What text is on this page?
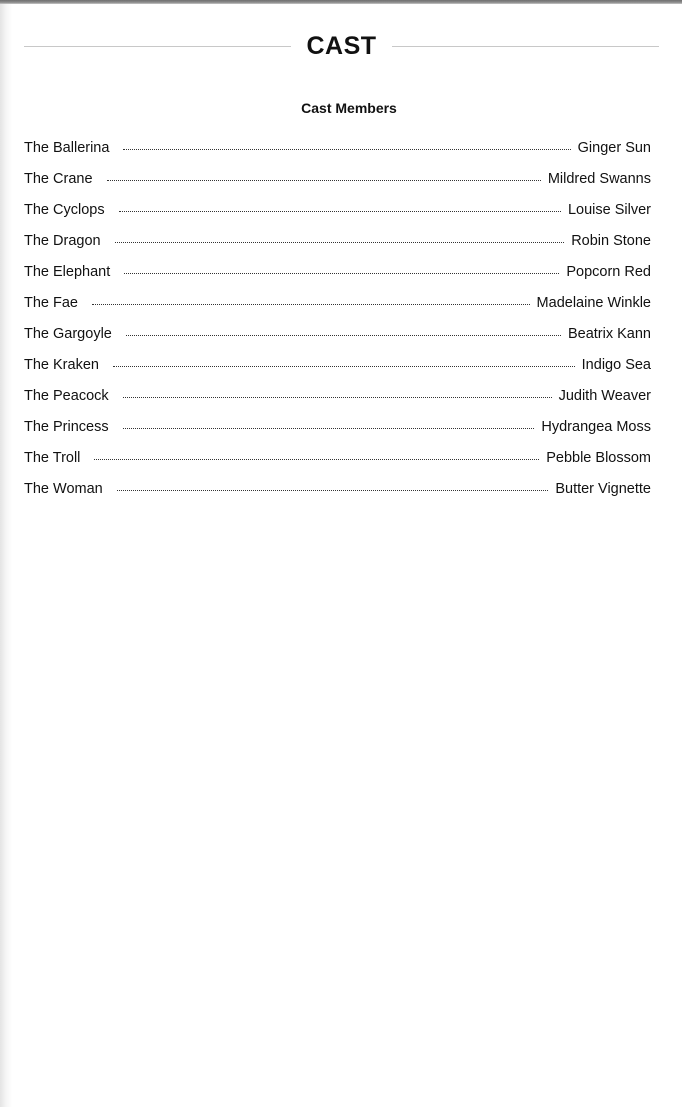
CAST
Cast Members
The Ballerina	Ginger Sun
The Crane	Mildred Swanns
The Cyclops	Louise Silver
The Dragon	Robin Stone
The Elephant	Popcorn Red
The Fae	Madelaine Winkle
The Gargoyle	Beatrix Kann
The Kraken	Indigo Sea
The Peacock	Judith Weaver
The Princess	Hydrangea Moss
The Troll	Pebble Blossom
The Woman	Butter Vignette
